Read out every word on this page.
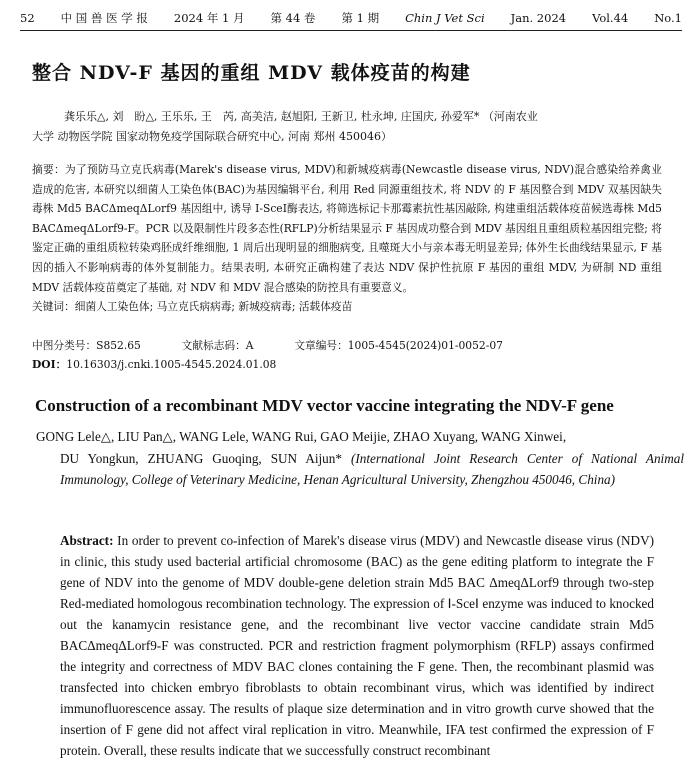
52 中 国 兽 医 学 报 2024 年 1 月 第 44 卷 第 1 期 Chin J Vet Sci Jan. 2024 Vol.44 No.1
整合 NDV-F 基因的重组 MDV 载体疫苗的构建
龚乐乐△, 刘　盼△, 王乐乐, 王　芮, 高美洁, 赵旭阳, 王新卫, 杜永坤, 庄国庆, 孙爱军* （河南农业
大学 动物医学院 国家动物免疫学国际联合研究中心, 河南 郑州 450046）
摘要：为了预防马立克氏病毒(Marek's disease virus, MDV)和新城疫病毒(Newcastle disease virus, NDV)混合感染给养禽业造成的危害, 本研究以细菌人工染色体(BAC)为基因编辑平台, 利用 Red 同源重组技术, 将 NDV 的 F 基因整合到 MDV 双基因缺失毒株 Md5 BACΔmeqΔLorf9 基因组中, 诱导 I-SceⅠ酶表达, 将筛选标记卡那霉素抗性基因敲除, 构建重组活载体疫苗候选毒株 Md5 BACΔmeqΔLorf9-F。PCR 以及限制性片段多态性(RFLP)分析结果显示 F 基因成功整合到 MDV 基因组且重组质粒基因组完整; 将鉴定正确的重组质粒转染鸡胚成纤维细胞, 1 周后出现明显的细胞病变, 且噬斑大小与亲本毒无明显差异; 体外生长曲线结果显示, F 基因的插入不影响病毒的体外复制能力。结果表明, 本研究正确构建了表达 NDV 保护性抗原 F 基因的重组 MDV, 为研制 ND 重组 MDV 活载体疫苗奠定了基础, 对 NDV 和 MDV 混合感染的防控具有重要意义。
关键词：细菌人工染色体; 马立克氏病病毒; 新城疫病毒; 活载体疫苗
中图分类号：S852.65	文献标志码：A	文章编号：1005-4545(2024)01-0052-07
DOI：10.16303/j.cnki.1005-4545.2024.01.08
Construction of a recombinant MDV vector vaccine integrating the NDV-F gene
GONG Lele△, LIU Pan△, WANG Lele, WANG Rui, GAO Meijie, ZHAO Xuyang, WANG Xinwei,
DU Yongkun, ZHUANG Guoqing, SUN Aijun* (International Joint Research Center of National Animal Immunology, College of Veterinary Medicine, Henan Agricultural University, Zhengzhou 450046, China)
Abstract: In order to prevent co-infection of Marek's disease virus (MDV) and Newcastle disease virus (NDV) in clinic, this study used bacterial artificial chromosome (BAC) as the gene editing platform to integrate the F gene of NDV into the genome of MDV double-gene deletion strain Md5 BAC ΔmeqΔLorf9 through two-step Red-mediated homologous recombination technology. The expression of Ⅰ-SceⅠ enzyme was induced to knocked out the kanamycin resistance gene, and the recombinant live vector vaccine candidate strain Md5 BACΔmeqΔLorf9-F was constructed. PCR and restriction fragment polymorphism (RFLP) assays confirmed the integrity and correctness of MDV BAC clones containing the F gene. Then, the recombinant plasmid was transfected into chicken embryo fibroblasts to obtain recombinant virus, which was identified by indirect immunofluorescence assay. The results of plaque size determination and in vitro growth curve showed that the insertion of F gene did not affect viral replication in vitro. Meanwhile, IFA test confirmed the expression of F protein. Overall, these results indicate that we successfully construct recombinant
